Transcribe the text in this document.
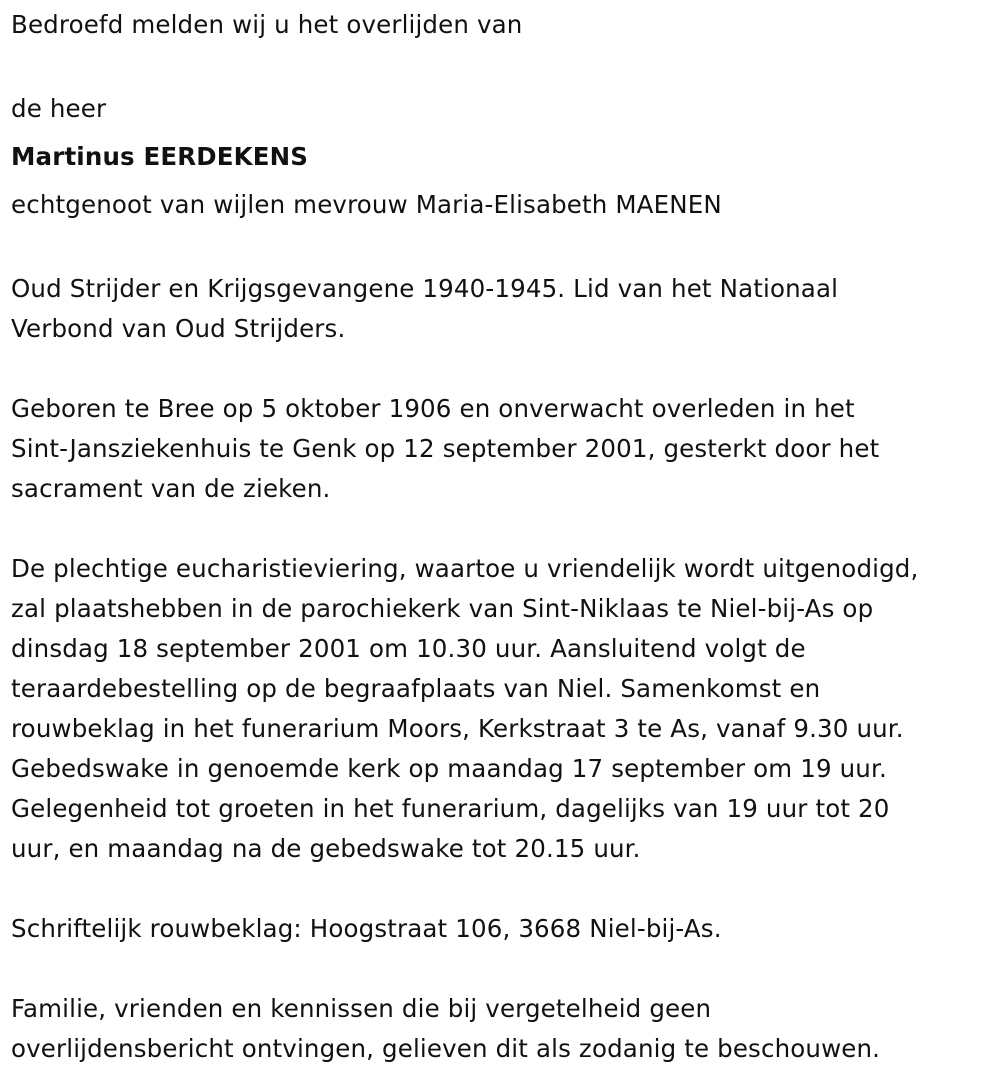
Bedroefd melden wij u het overlijden van

de heer

Martinus EERDEKENS

echtgenoot van wijlen mevrouw Maria-Elisabeth MAENEN

Oud Strijder en Krijgsgevangene 1940-1945. Lid van het Nationaal

Verbond van Oud Strijders.

Geboren te Bree op 5 oktober 1906 en onverwacht overleden in het

Sint-Jansziekenhuis te Genk op 12 september 2001, gesterkt door het

sacrament van de zieken.

De plechtige eucharistieviering, waartoe u vriendelijk wordt uitgenodigd,

zal plaatshebben in de parochiekerk van Sint-Niklaas te Niel-bij-As op

dinsdag 18 september 2001 om 10.30 uur. Aansluitend volgt de

teraardebestelling op de begraafplaats van Niel. Samenkomst en

rouwbeklag in het funerarium Moors, Kerkstraat 3 te As, vanaf 9.30 uur.

Gebedswake in genoemde kerk op maandag 17 september om 19 uur.

Gelegenheid tot groeten in het funerarium, dagelijks van 19 uur tot 20

uur, en maandag na de gebedswake tot 20.15 uur.

Schriftelijk rouwbeklag: Hoogstraat 106, 3668 Niel-bij-As.

Familie, vrienden en kennissen die bij vergetelheid geen

overlijdensbericht ontvingen, gelieven dit als zodanig te beschouwen.
